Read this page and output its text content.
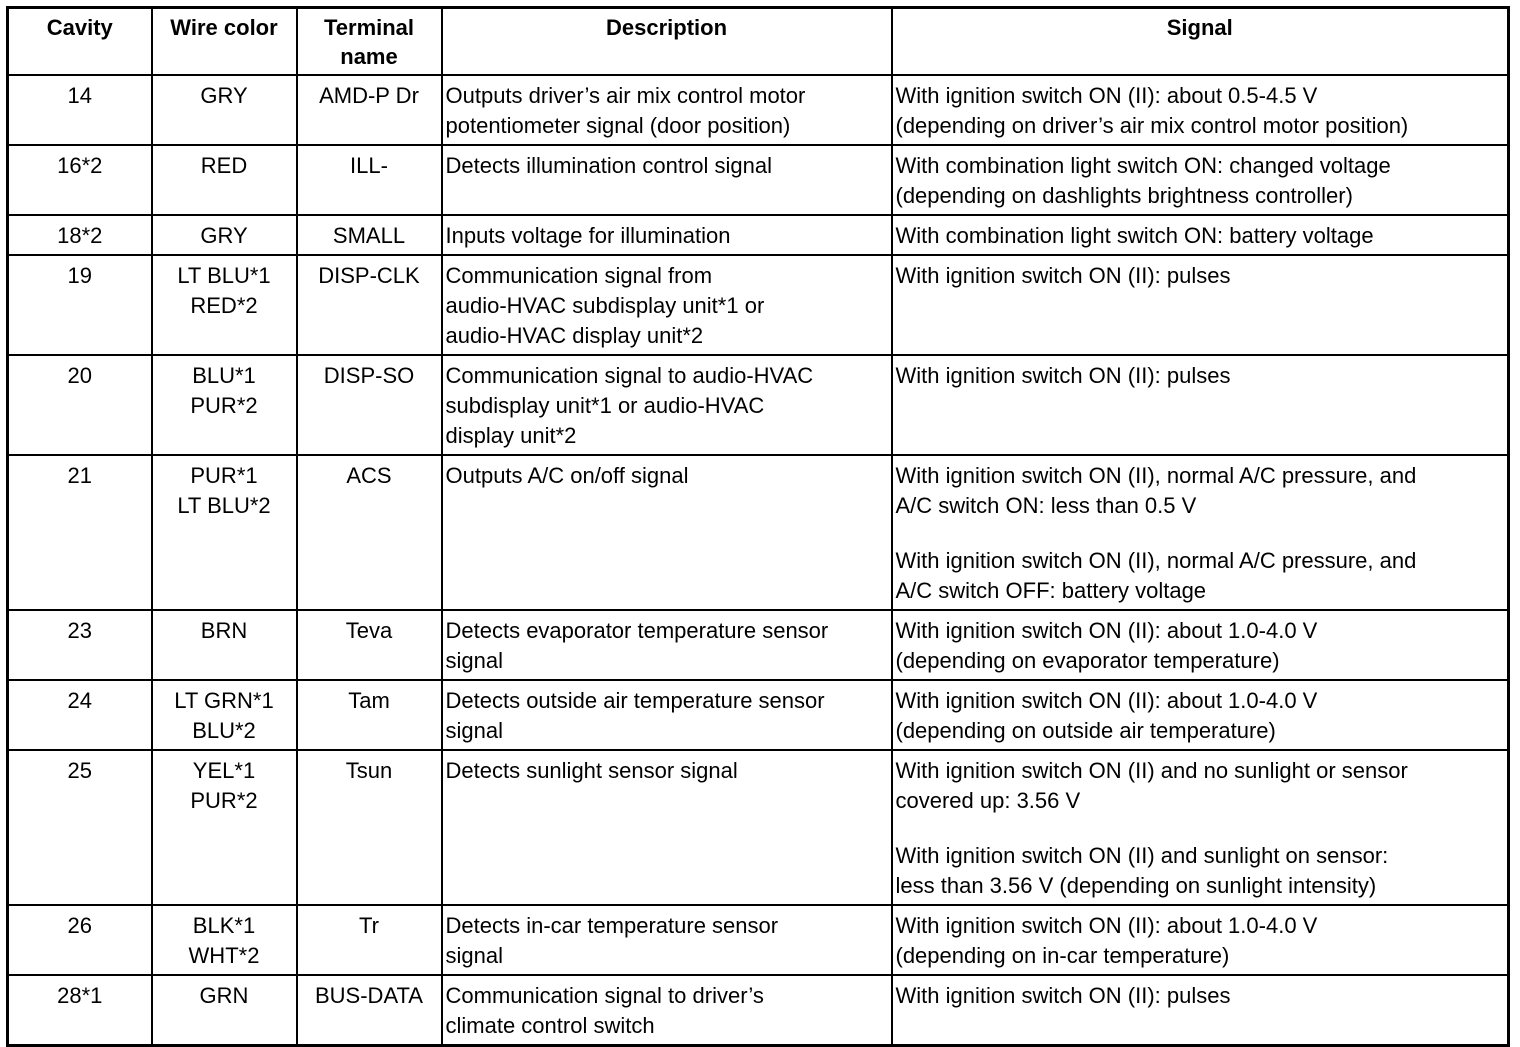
Cavity	Wire color	Terminal
name	Description	Signal
14	GRY	AMD-P Dr	Outputs driver’s air mix control motor
potentiometer signal (door position)	With ignition switch ON (II): about 0.5-4.5 V
(depending on driver’s air mix control motor position)

16*2	RED	ILL-	Detects illumination control signal	With combination light switch ON: changed voltage
(depending on dashlights brightness controller)

18*2	GRY	SMALL	Inputs voltage for illumination	With combination light switch ON: battery voltage

19	LT BLU*1
RED*2	DISP-CLK	Communication signal from
audio-HVAC subdisplay unit*1 or
audio-HVAC display unit*2	With ignition switch ON (II): pulses

20	BLU*1
PUR*2	DISP-SO	Communication signal to audio-HVAC
subdisplay unit*1 or audio-HVAC
display unit*2	With ignition switch ON (II): pulses

21	PUR*1
LT BLU*2	ACS	Outputs A/C on/off signal	With ignition switch ON (II), normal A/C pressure, and
A/C switch ON: less than 0.5 V
With ignition switch ON (II), normal A/C pressure, and
A/C switch OFF: battery voltage

23	BRN	Teva	Detects evaporator temperature sensor
signal	With ignition switch ON (II): about 1.0-4.0 V
(depending on evaporator temperature)

24	LT GRN*1
BLU*2	Tam	Detects outside air temperature sensor
signal	With ignition switch ON (II): about 1.0-4.0 V
(depending on outside air temperature)

25	YEL*1
PUR*2	Tsun	Detects sunlight sensor signal	With ignition switch ON (II) and no sunlight or sensor
covered up: 3.56 V
With ignition switch ON (II) and sunlight on sensor:
less than 3.56 V (depending on sunlight intensity)

26	BLK*1
WHT*2	Tr	Detects in-car temperature sensor
signal	With ignition switch ON (II): about 1.0-4.0 V
(depending on in-car temperature)

28*1	GRN	BUS-DATA	Communication signal to driver’s
climate control switch	With ignition switch ON (II): pulses
